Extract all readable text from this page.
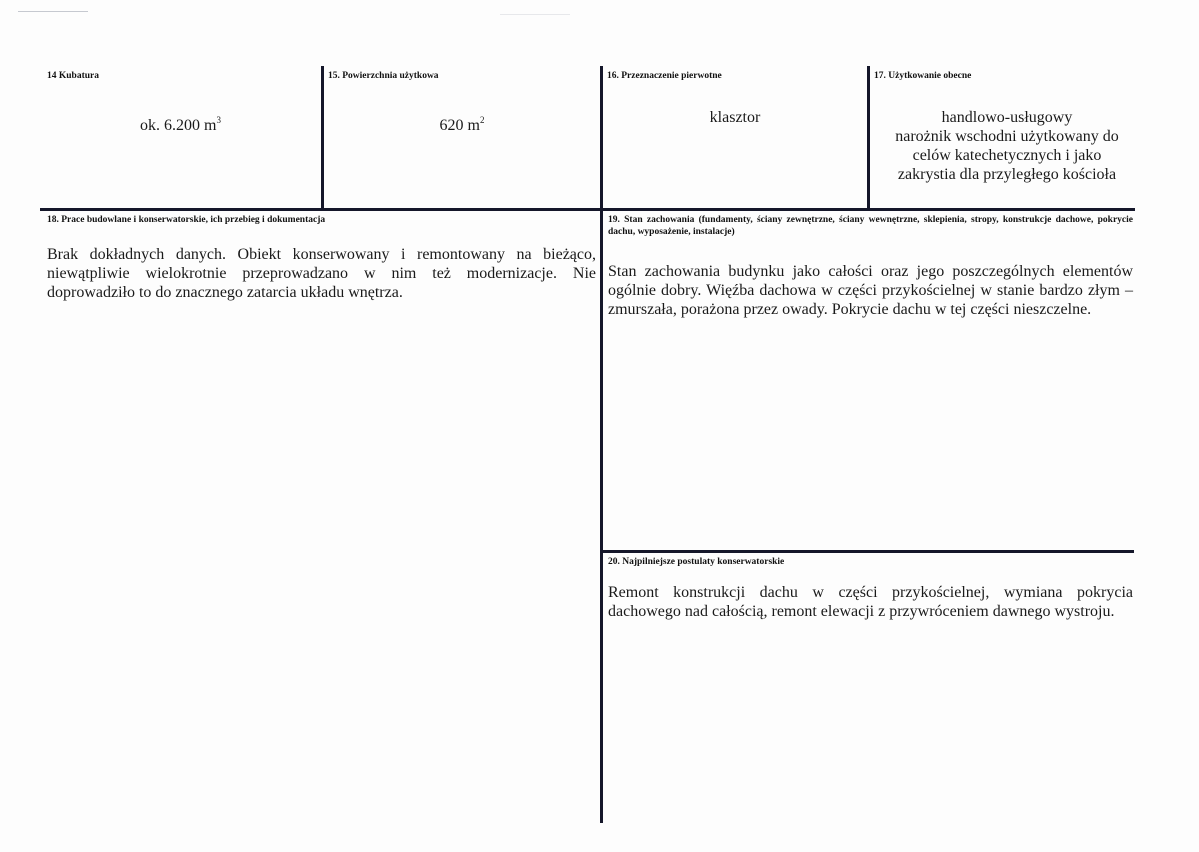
14 Kubatura
ok. 6.200 $m^3$
15. Powierzchnia użytkowa
620 $m^2$
16. Przeznaczenie pierwotne
klasztor
17. Użytkowanie obecne
handlowo-usługowy
narożnik wschodni użytkowany do
celów katechetycznych i jako
zakrystia dla przyległego kościoła
18. Prace budowlane i konserwatorskie, ich przebieg i dokumentacja
Brak dokładnych danych. Obiekt konserwowany i remontowany na bieżąco, niewątpliwie wielokrotnie przeprowadzano w nim też modernizacje. Nie doprowadziło to do znacznego zatarcia układu wnętrza.
19. Stan zachowania (fundamenty, ściany zewnętrzne, ściany wewnętrzne, sklepienia, stropy, konstrukcje dachowe, pokrycie dachu, wyposażenie, instalacje)
Stan zachowania budynku jako całości oraz jego poszczególnych elementów ogólnie dobry. Więźba dachowa w części przykościelnej w stanie bardzo złym – zmurszała, porażona przez owady. Pokrycie dachu w tej części nieszczelne.
20. Najpilniejsze postulaty konserwatorskie
Remont konstrukcji dachu w części przykościelnej, wymiana pokrycia dachowego nad całością, remont elewacji z przywróceniem dawnego wystroju.
